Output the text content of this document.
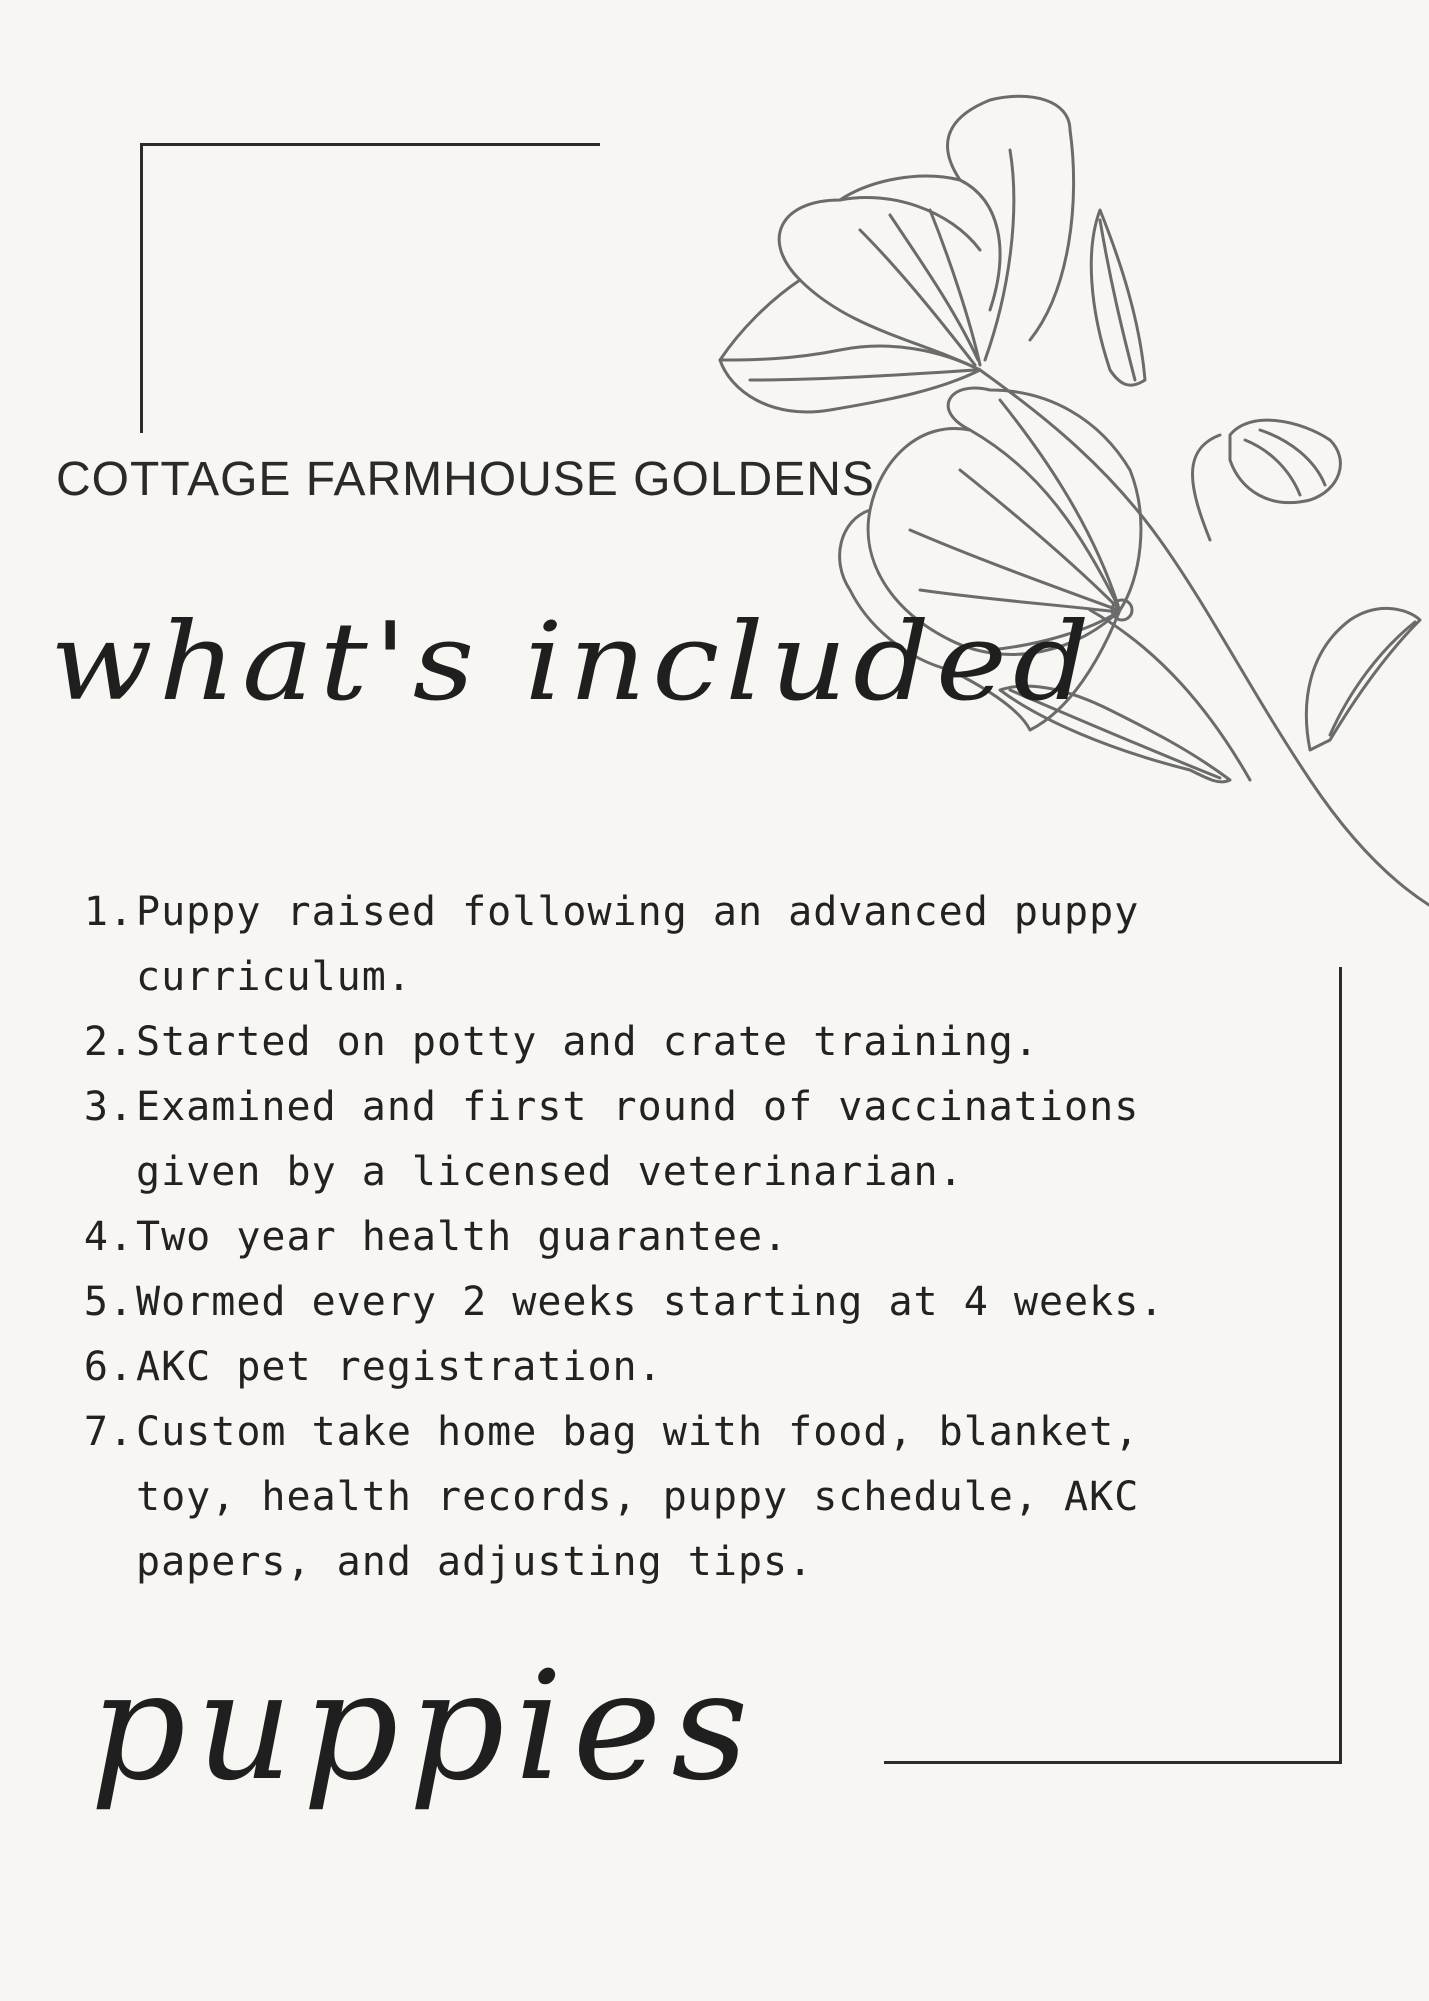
COTTAGE FARMHOUSE GOLDENS
what's included
1. Puppy raised following an advanced puppy curriculum.
2. Started on potty and crate training.
3. Examined and first round of vaccinations given by a licensed veterinarian.
4. Two year health guarantee.
5. Wormed every 2 weeks starting at 4 weeks.
6. AKC pet registration.
7. Custom take home bag with food, blanket, toy, health records, puppy schedule, AKC papers, and adjusting tips.
puppies
